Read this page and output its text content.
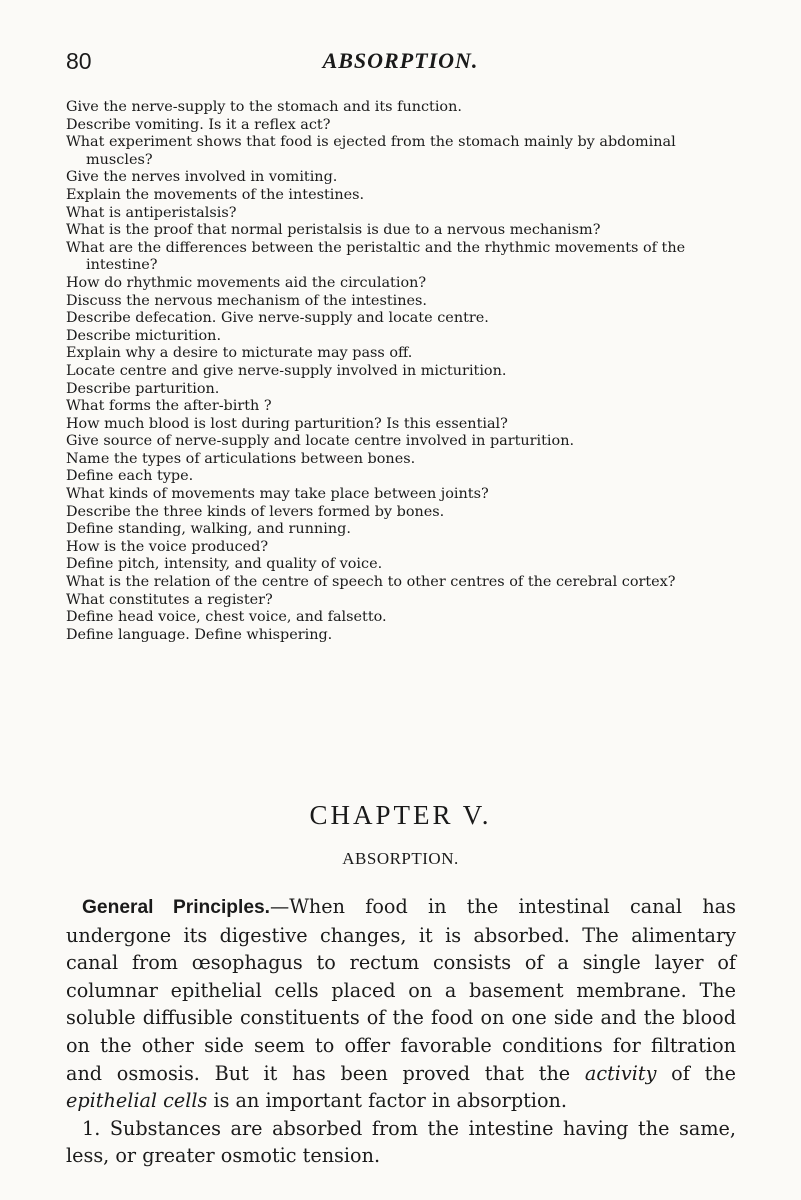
80	ABSORPTION.

Give the nerve-supply to the stomach and its function.

Describe vomiting. Is it a reflex act?

What experiment shows that food is ejected from the stomach mainly by abdominal muscles?

Give the nerves involved in vomiting.

Explain the movements of the intestines.

What is antiperistalsis?

What is the proof that normal peristalsis is due to a nervous mechanism?

What are the differences between the peristaltic and the rhythmic movements of the intestine?

How do rhythmic movements aid the circulation?

Discuss the nervous mechanism of the intestines.

Describe defecation. Give nerve-supply and locate centre.

Describe micturition.

Explain why a desire to micturate may pass off.

Locate centre and give nerve-supply involved in micturition.

Describe parturition.

What forms the after-birth ?

How much blood is lost during parturition? Is this essential?

Give source of nerve-supply and locate centre involved in parturition.

Name the types of articulations between bones.

Define each type.

What kinds of movements may take place between joints?

Describe the three kinds of levers formed by bones.

Define standing, walking, and running.

How is the voice produced?

Define pitch, intensity, and quality of voice.

What is the relation of the centre of speech to other centres of the cerebral cortex?

What constitutes a register?

Define head voice, chest voice, and falsetto.

Define language. Define whispering.

CHAPTER V.
ABSORPTION.

General Principles.—When food in the intestinal canal has undergone its digestive changes, it is absorbed. The alimentary canal from œsophagus to rectum consists of a single layer of columnar epithelial cells placed on a basement membrane. The soluble diffusible constituents of the food on one side and the blood on the other side seem to offer favorable conditions for filtration and osmosis. But it has been proved that the activity of the epithelial cells is an important factor in absorption.

1. Substances are absorbed from the intestine having the same, less, or greater osmotic tension.
